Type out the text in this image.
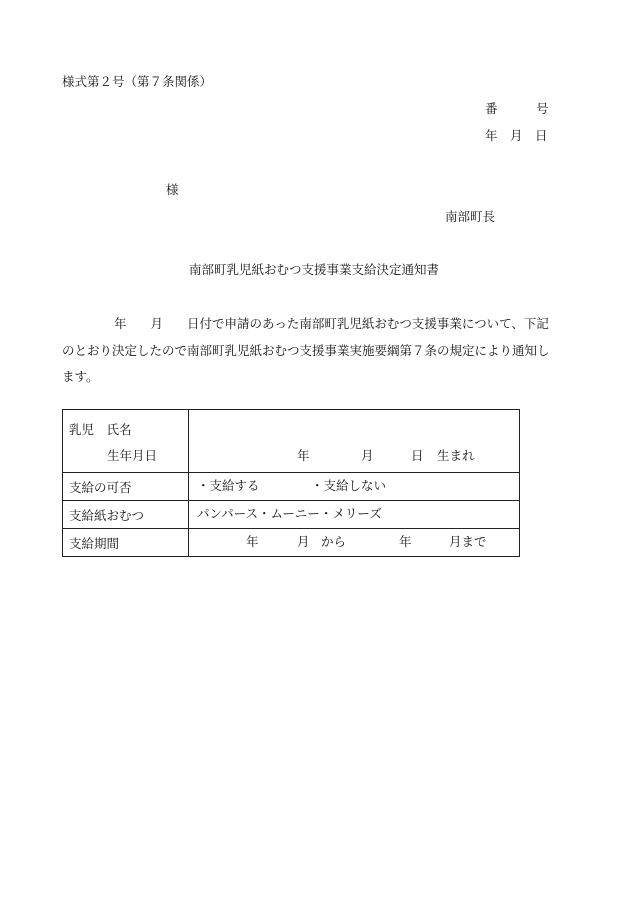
様式第２号（第７条関係）
番	号
年 月 日
様
南部町長
南部町乳児紙おむつ支援事業支給決定通知書

年 月 日付で申請のあった南部町乳児紙おむつ支援事業について、下記

のとおり決定したので南部町乳児紙おむつ支援事業実施要綱第７条の規定により通知し

ます。

乳児　氏名
生年月日	年 月 日 生まれ

支給の可否	・支給する ・支給しない

支給紙おむつ	パンパース・ムーニー・メリーズ

支給期間	年 月 から 年 月まで
